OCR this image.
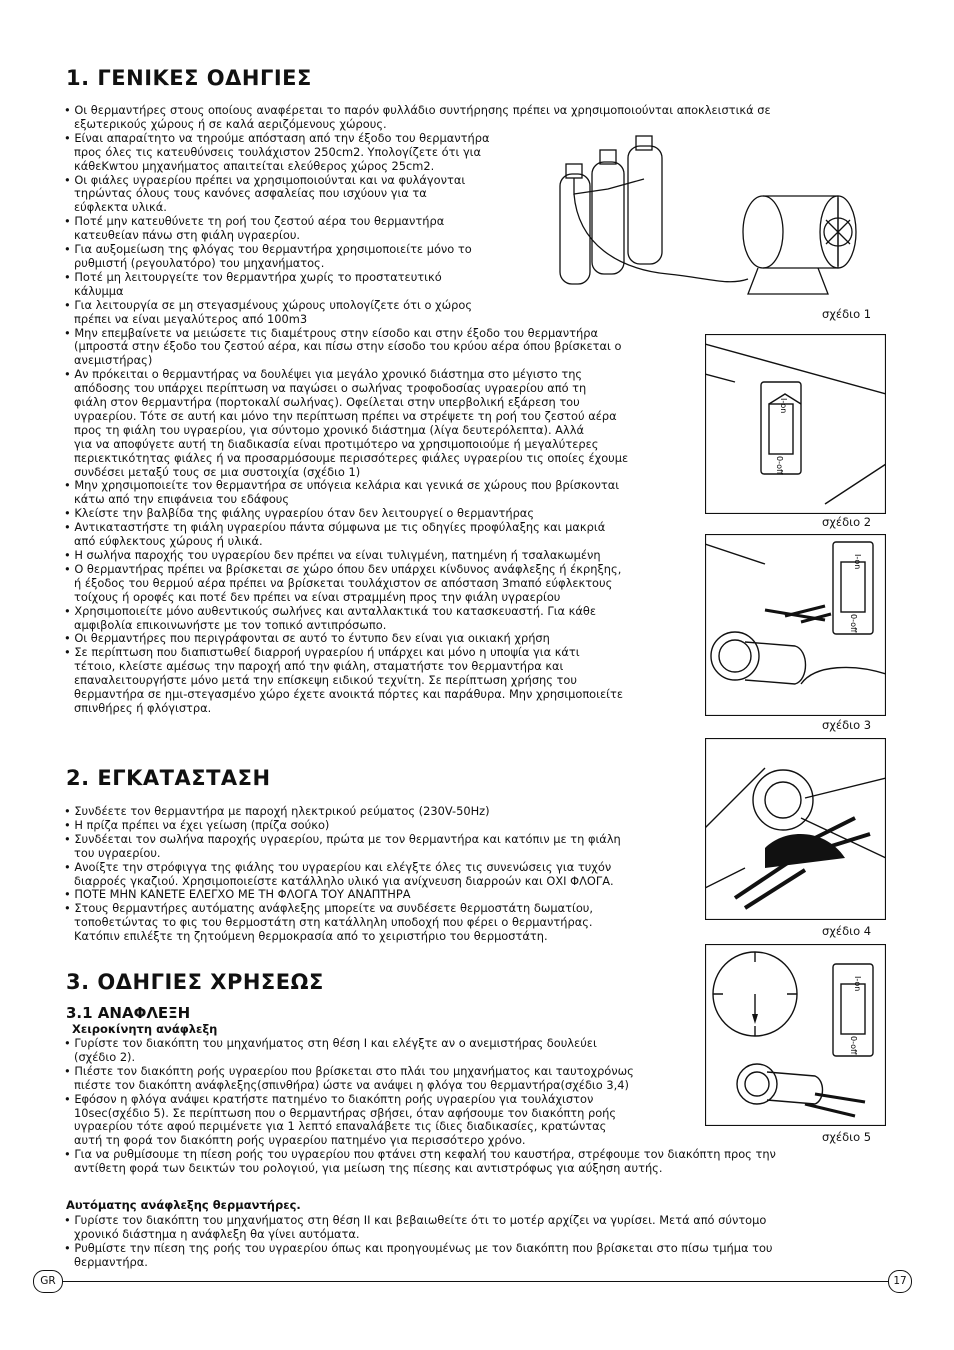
1. ΓΕΝΙΚΕΣ ΟΔΗΓΙΕΣ

• Οι θερμαντήρες στους οποίους αναφέρεται το παρόν φυλλάδιο συντήρησης πρέπει να χρησιμοποιούνται αποκλειστικά σε

εξωτερικούς χώρους ή σε καλά αεριζόμενους χώρους.

• Είναι απαραίτητο να τηρούμε απόσταση από την έξοδο του θερμαντήρα

προς όλες τις κατευθύνσεις τουλάχιστον 250cm2. Υπολογίζετε ότι για

κάθεΚwτου μηχανήματος απαιτείται ελεύθερος χώρος 25cm2.

• Οι φιάλες υγραερίου πρέπει να χρησιμοποιούνται και να φυλάγονται

τηρώντας όλους τους κανόνες ασφαλείας που ισχύουν για τα

εύφλεκτα υλικά.

• Ποτέ μην κατευθύνετε τη ροή του ζεστού αέρα του θερμαντήρα

κατευθείαν πάνω στη φιάλη υγραερίου.

• Για αυξομείωση της φλόγας του θερμαντήρα χρησιμοποιείτε μόνο το

ρυθμιστή (ρεγουλατόρο) του μηχανήματος.

• Ποτέ μη λειτουργείτε τον θερμαντήρα χωρίς το προστατευτικό

κάλυμμα

• Για λειτουργία σε μη στεγασμένους χώρους υπολογίζετε ότι ο χώρος

πρέπει να είναι μεγαλύτερος από 100m3

• Μην επεμβαίνετε να μειώσετε τις διαμέτρους στην είσοδο και στην έξοδο του θερμαντήρα

(μπροστά στην έξοδο του ζεστού αέρα, και πίσω στην είσοδο του κρύου αέρα όπου βρίσκεται ο

ανεμιστήρας)

• Αν πρόκειται ο θερμαντήρας να δουλέψει για μεγάλο χρονικό διάστημα στο μέγιστο της

απόδοσης του υπάρχει περίπτωση να παγώσει ο σωλήνας τροφοδοσίας υγραερίου από τη

φιάλη στον θερμαντήρα (πορτοκαλί σωλήνας). Οφείλεται στην υπερβολική εξάρεση του

υγραερίου. Τότε σε αυτή και μόνο την περίπτωση πρέπει να στρέψετε τη ροή του ζεστού αέρα

προς τη φιάλη του υγραερίου, για σύντομο χρονικό διάστημα (λίγα δευτερόλεπτα). Αλλά

για να αποφύγετε αυτή τη διαδικασία είναι προτιμότερο να χρησιμοποιούμε ή μεγαλύτερες

περιεκτικότητας φιάλες ή να προσαρμόσουμε περισσότερες φιάλες υγραερίου τις οποίες έχουμε

συνδέσει μεταξύ τους σε μια συστοιχία (σχέδιο 1)

• Μην χρησιμοποιείτε τον θερμαντήρα σε υπόγεια κελάρια και γενικά σε χώρους που βρίσκονται

κάτω από την επιφάνεια του εδάφους

• Κλείστε την βαλβίδα της φιάλης υγραερίου όταν δεν λειτουργεί ο θερμαντήρας

• Αντικαταστήστε τη φιάλη υγραερίου πάντα σύμφωνα με τις οδηγίες προφύλαξης και μακριά

από εύφλεκτους χώρους ή υλικά.

• Η σωλήνα παροχής του υγραερίου δεν πρέπει να είναι τυλιγμένη, πατημένη ή τσαλακωμένη

• Ο θερμαντήρας πρέπει να βρίσκεται σε χώρο όπου δεν υπάρχει κίνδυνος ανάφλεξης ή έκρηξης,

ή έξοδος του θερμού αέρα πρέπει να βρίσκεται τουλάχιστον σε απόσταση 3mαπό εύφλεκτους

τοίχους ή οροφές και ποτέ δεν πρέπει να είναι στραμμένη προς την φιάλη υγραερίου

• Χρησιμοποιείτε μόνο αυθεντικούς σωλήνες και ανταλλακτικά του κατασκευαστή. Για κάθε

αμφιβολία επικοινωνήστε με τον τοπικό αντιπρόσωπο.

• Οι θερμαντήρες που περιγράφονται σε αυτό το έντυπο δεν είναι για οικιακή χρήση

• Σε περίπτωση που διαπιστωθεί διαρροή υγραερίου ή υπάρχει και μόνο η υποψία για κάτι

τέτοιο, κλείστε αμέσως την παροχή από την φιάλη, σταματήστε τον θερμαντήρα και

επαναλειτουργήστε μόνο μετά την επίσκεψη ειδικού τεχνίτη. Σε περίπτωση χρήσης του

θερμαντήρα σε ημι-στεγασμένο χώρο έχετε ανοικτά πόρτες και παράθυρα. Μην χρησιμοποιείτε

σπινθήρες ή φλόγιστρα.

2. ΕΓΚΑΤΑΣΤΑΣΗ

• Συνδέετε τον θερμαντήρα με παροχή ηλεκτρικού ρεύματος (230V-50Hz)

• Η πρίζα πρέπει να έχει γείωση (πρίζα σούκο)

• Συνδέεται τον σωλήνα παροχής υγραερίου, πρώτα με τον θερμαντήρα και κατόπιν με τη φιάλη

του υγραερίου.

• Ανοίξτε την στρόφιγγα της φιάλης του υγραερίου και ελέγξτε όλες τις συνενώσεις για τυχόν

διαρροές γκαζιού. Χρησιμοποιείστε κατάλληλο υλικό για ανίχνευση διαρροών και ΟΧΙ ΦΛΟΓΑ.

• ΠΟΤΕ ΜΗΝ ΚΑΝΕΤΕ ΕΛΕΓΧΟ ΜΕ ΤΗ ΦΛΟΓΑ ΤΟΥ ΑΝΑΠΤΗΡΑ

• Στους θερμαντήρες αυτόματης ανάφλεξης μπορείτε να συνδέσετε θερμοστάτη δωματίου,

τοποθετώντας το φις του θερμοστάτη στη κατάλληλη υποδοχή που φέρει ο θερμαντήρας.

Κατόπιν επιλέξτε τη ζητούμενη θερμοκρασία από το χειριστήριο του θερμοστάτη.

3. ΟΔΗΓΙΕΣ ΧΡΗΣΕΩΣ
3.1 ΑΝΑΦΛΕΞΗ
Χειροκίνητη ανάφλεξη

• Γυρίστε τον διακόπτη του μηχανήματος στη θέση I και ελέγξτε αν ο ανεμιστήρας δουλεύει

(σχέδιο 2).

• Πιέστε τον διακόπτη ροής υγραερίου που βρίσκεται στο πλάι του μηχανήματος και ταυτοχρόνως

πιέστε τον διακόπτη ανάφλεξης(σπινθήρα) ώστε να ανάψει η φλόγα του θερμαντήρα(σχέδιο 3,4)

• Εφόσον η φλόγα ανάψει κρατήστε πατημένο το διακόπτη ροής υγραερίου για τουλάχιστον

10sec(σχέδιο 5). Σε περίπτωση που ο θερμαντήρας σβήσει, όταν αφήσουμε τον διακόπτη ροής

υγραερίου τότε αφού περιμένετε για 1 λεπτό επαναλάβετε τις ίδιες διαδικασίες, κρατώντας

αυτή τη φορά τον διακόπτη ροής υγραερίου πατημένο για περισσότερο χρόνο.

• Για να ρυθμίσουμε τη πίεση ροής του υγραερίου που φτάνει στη κεφαλή του καυστήρα, στρέφουμε τον διακόπτη προς την

αντίθετη φορά των δεικτών του ρολογιού, για μείωση της πίεσης και αντιστρόφως για αύξηση αυτής.

Αυτόματης ανάφλεξης θερμαντήρες.

• Γυρίστε τον διακόπτη του μηχανήματος στη θέση II και βεβαιωθείτε ότι το μοτέρ αρχίζει να γυρίσει. Μετά από σύντομο

χρονικό διάστημα η ανάφλεξη θα γίνει αυτόματα.

• Ρυθμίστε την πίεση της ροής του υγραερίου όπως και προηγουμένως με τον διακόπτη που βρίσκεται στο πίσω τμήμα του

θερμαντήρα.

σχέδιο 1
I-on
0-off
σχέδιο 2
I-on
0-off
σχέδιο 3
σχέδιο 4
I-on
0-off
σχέδιο 5
GR	17
